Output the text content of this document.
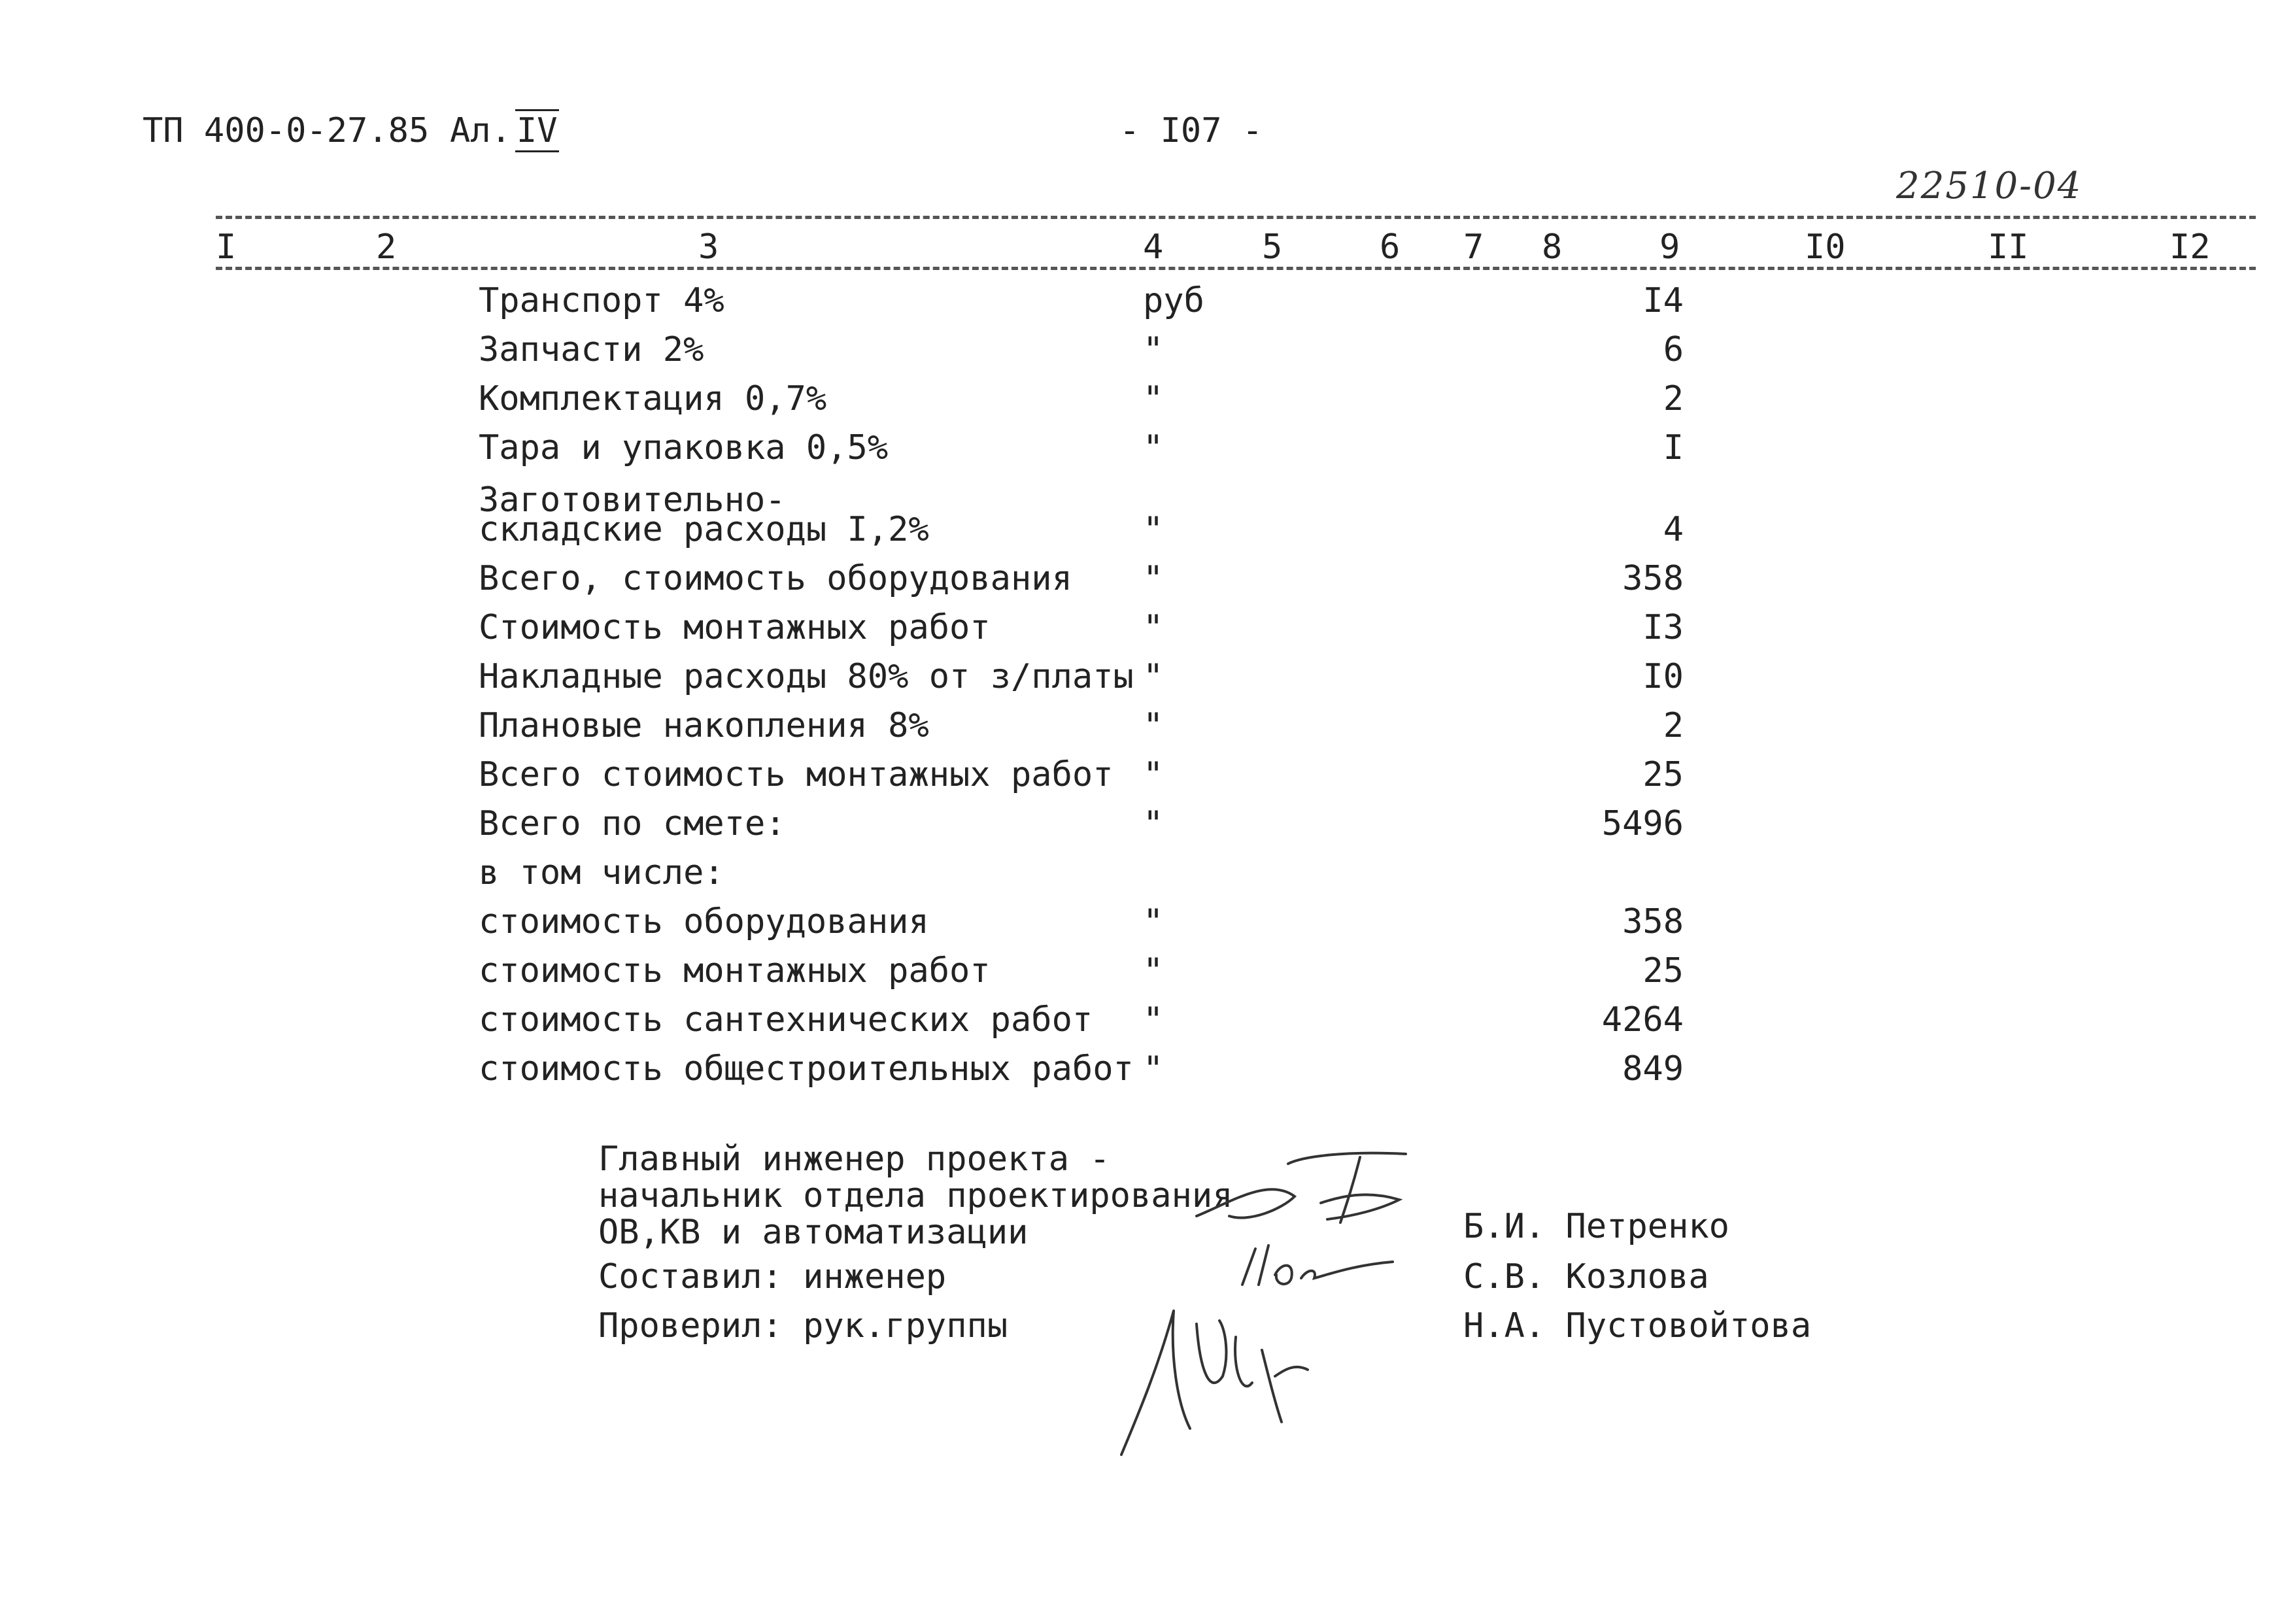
ТП 400-0-27.85 Ал. IV	- I07 -
22510-04
I	2	3	4	5	6 7 8	9	I0	II	I2
Транспорт 4%	руб	I4
Запчасти 2%	"	6
Комплектация 0,7%	"	2
Тара и упаковка 0,5%	"	I
Заготовительно-
складские расходы I,2%	"	4
Всего, стоимость оборудования "	358
Стоимость монтажных работ	"	I3
Накладные расходы 80% от з/платы "	I0
Плановые накопления 8%	"	2
Всего стоимость монтажных работ "	25
Всего по смете:	"	5496
в том числе:
стоимость оборудования	"	358
стоимость монтажных работ	"	25
стоимость сантехнических работ "	4264
стоимость общестроительных работ "	849
Главный инженер проекта -
начальник отдела проектирования
ОВ,КВ и автоматизации	Б.И. Петренко
Составил: инженер	С.В. Козлова
Проверил: рук.группы	Н.А. Пустовойтова
